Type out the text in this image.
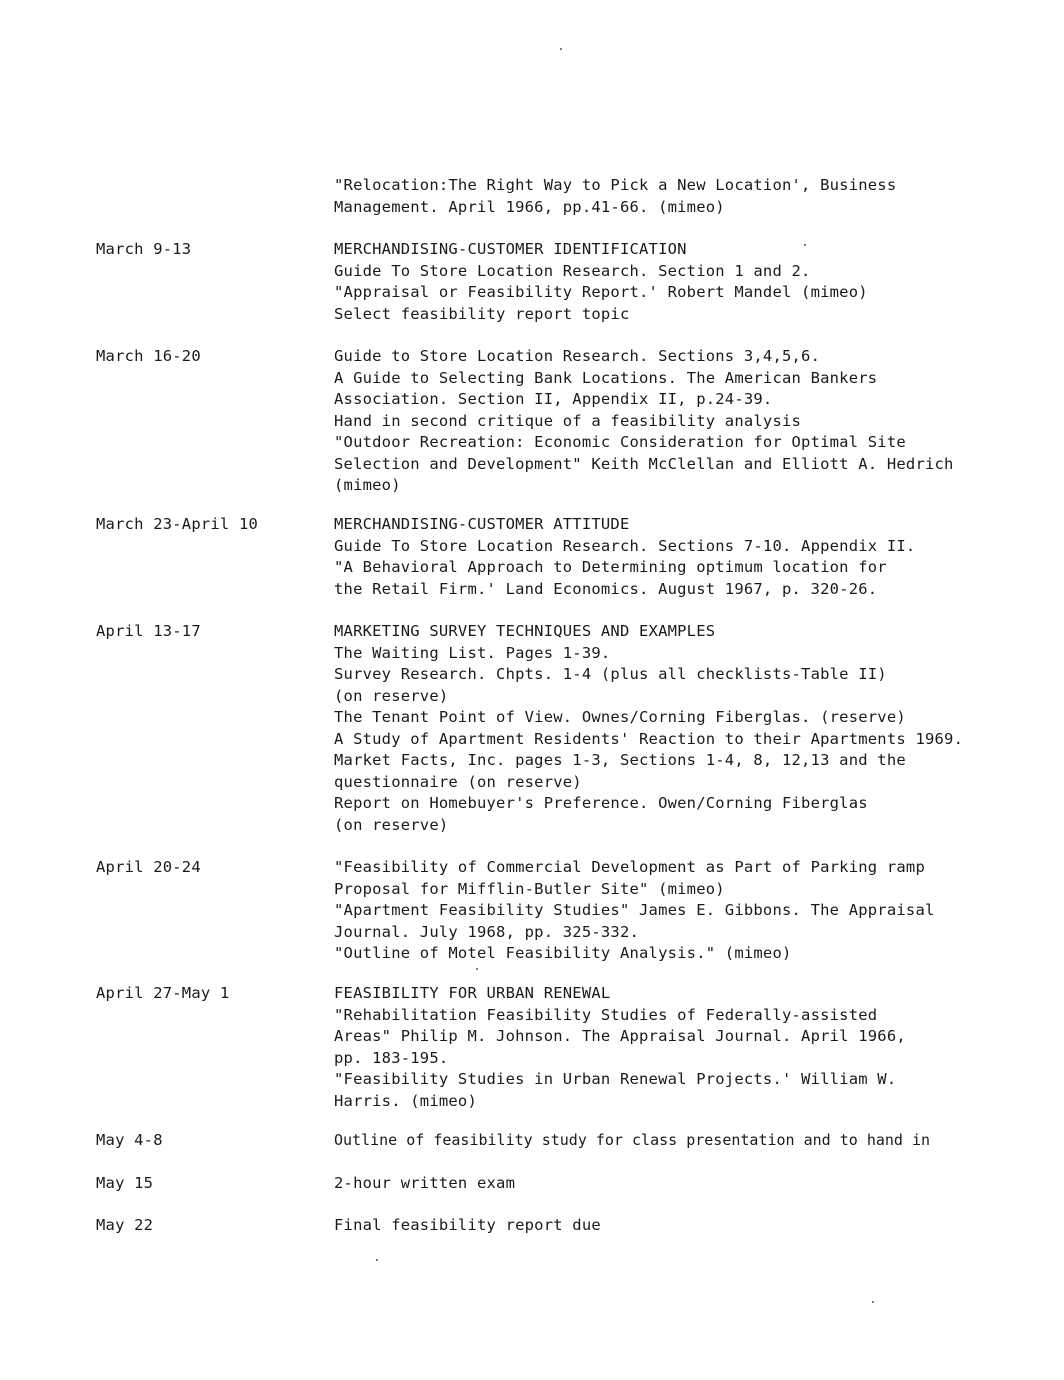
"Relocation:The Right Way to Pick a New Location', Business
Management. April 1966, pp.41-66. (mimeo)
March 9-13	MERCHANDISING-CUSTOMER IDENTIFICATION
Guide To Store Location Research. Section 1 and 2.
"Appraisal or Feasibility Report.' Robert Mandel (mimeo)
Select feasibility report topic
March 16-20	Guide to Store Location Research. Sections 3,4,5,6.
A Guide to Selecting Bank Locations. The American Bankers
Association. Section II, Appendix II, p.24-39.
Hand in second critique of a feasibility analysis
"Outdoor Recreation: Economic Consideration for Optimal Site
Selection and Development" Keith McClellan and Elliott A. Hedrich
(mimeo)
March 23-April 10	MERCHANDISING-CUSTOMER ATTITUDE
Guide To Store Location Research. Sections 7-10. Appendix II.
"A Behavioral Approach to Determining optimum location for
the Retail Firm.' Land Economics. August 1967, p. 320-26.
April 13-17	MARKETING SURVEY TECHNIQUES AND EXAMPLES
The Waiting List. Pages 1-39.
Survey Research. Chpts. 1-4 (plus all checklists-Table II)
(on reserve)
The Tenant Point of View. Ownes/Corning Fiberglas. (reserve)
A Study of Apartment Residents' Reaction to their Apartments 1969.
Market Facts, Inc. pages 1-3, Sections 1-4, 8, 12,13 and the
questionnaire (on reserve)
Report on Homebuyer's Preference. Owen/Corning Fiberglas
(on reserve)
April 20-24	"Feasibility of Commercial Development as Part of Parking ramp
Proposal for Mifflin-Butler Site" (mimeo)
"Apartment Feasibility Studies" James E. Gibbons. The Appraisal
Journal. July 1968, pp. 325-332.
"Outline of Motel Feasibility Analysis." (mimeo)
April 27-May 1	FEASIBILITY FOR URBAN RENEWAL
"Rehabilitation Feasibility Studies of Federally-assisted
Areas" Philip M. Johnson. The Appraisal Journal. April 1966,
pp. 183-195.
"Feasibility Studies in Urban Renewal Projects.' William W.
Harris. (mimeo)
May 4-8	Outline of feasibility study for class presentation and to hand in
May 15	2-hour written exam
May 22	Final feasibility report due
